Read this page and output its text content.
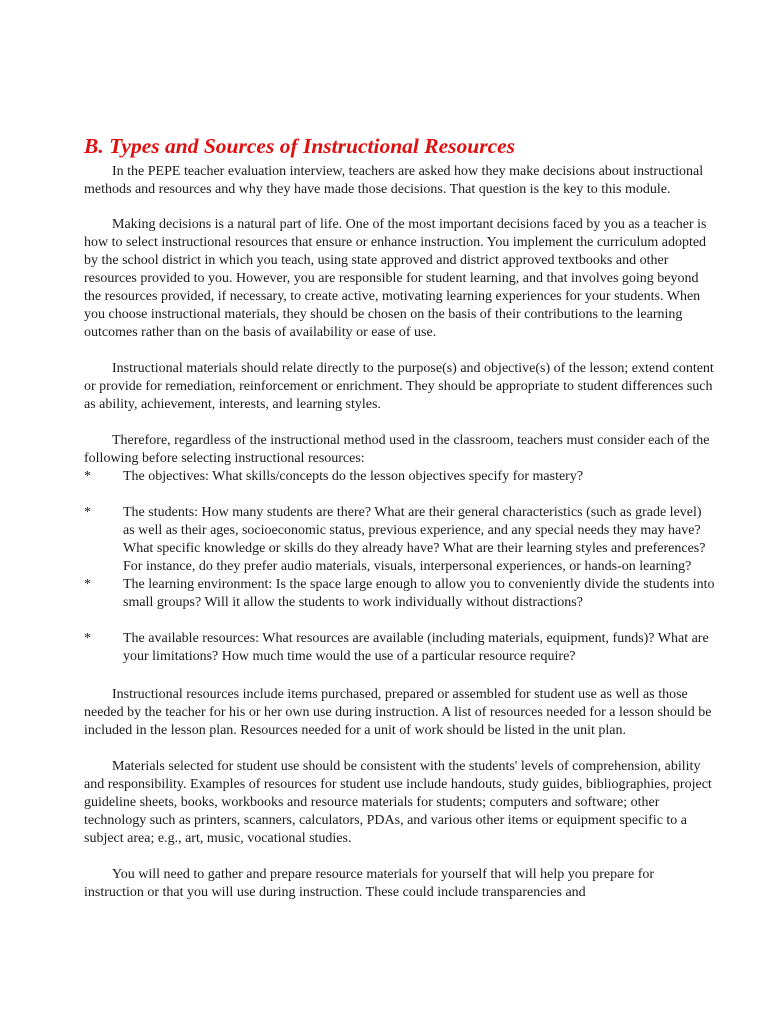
B. Types and Sources of Instructional Resources

In the PEPE teacher evaluation interview, teachers are asked how they make decisions about instructional methods and resources and why they have made those decisions. That question is the key to this module.

Making decisions is a natural part of life. One of the most important decisions faced by you as a teacher is how to select instructional resources that ensure or enhance instruction. You implement the curriculum adopted by the school district in which you teach, using state approved and district approved textbooks and other resources provided to you. However, you are responsible for student learning, and that involves going beyond the resources provided, if necessary, to create active, motivating learning experiences for your students. When you choose instructional materials, they should be chosen on the basis of their contributions to the learning outcomes rather than on the basis of availability or ease of use.

Instructional materials should relate directly to the purpose(s) and objective(s) of the lesson; extend content or provide for remediation, reinforcement or enrichment. They should be appropriate to student differences such as ability, achievement, interests, and learning styles.

Therefore, regardless of the instructional method used in the classroom, teachers must consider each of the following before selecting instructional resources:

*	The objectives: What skills/concepts do the lesson objectives specify for mastery?
*	The students: How many students are there? What are their general characteristics (such as grade level) as well as their ages, socioeconomic status, previous experience, and any special needs they may have? What specific knowledge or skills do they already have? What are their learning styles and preferences? For instance, do they prefer audio materials, visuals, interpersonal experiences, or hands-on learning?
*	The learning environment: Is the space large enough to allow you to conveniently divide the students into small groups? Will it allow the students to work individually without distractions?
*	The available resources: What resources are available (including materials, equipment, funds)? What are your limitations? How much time would the use of a particular resource require?

Instructional resources include items purchased, prepared or assembled for student use as well as those needed by the teacher for his or her own use during instruction. A list of resources needed for a lesson should be included in the lesson plan. Resources needed for a unit of work should be listed in the unit plan.

Materials selected for student use should be consistent with the students' levels of comprehension, ability and responsibility. Examples of resources for student use include handouts, study guides, bibliographies, project guideline sheets, books, workbooks and resource materials for students; computers and software; other technology such as printers, scanners, calculators, PDAs, and various other items or equipment specific to a subject area; e.g., art, music, vocational studies.

You will need to gather and prepare resource materials for yourself that will help you prepare for instruction or that you will use during instruction. These could include transparencies and
